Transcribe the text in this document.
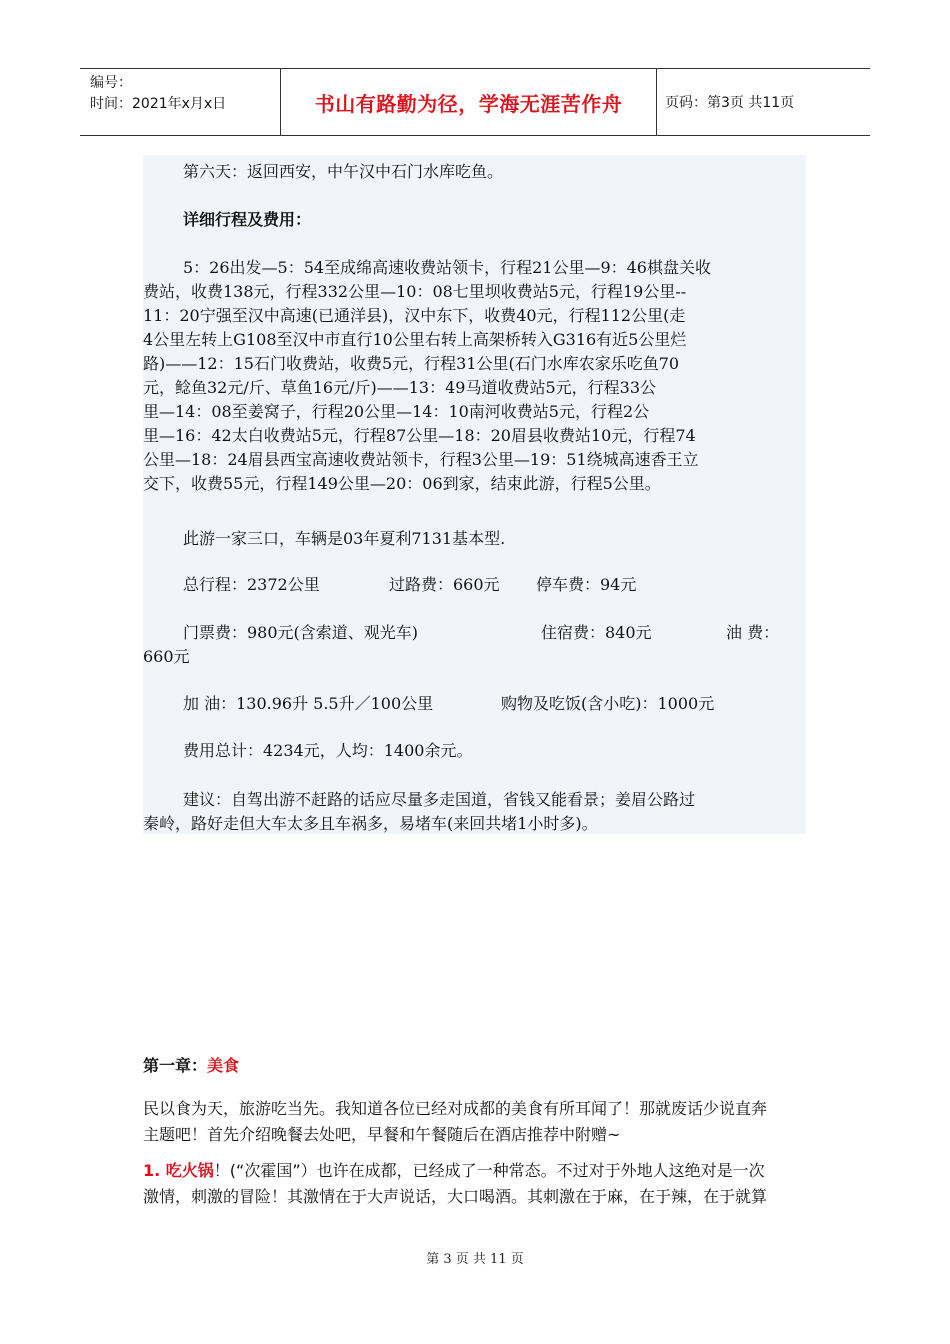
编号：
时间：2021年x月x日	书山有路勤为径，学海无涯苦作舟	页码：第3页 共11页

第六天：返回西安，中午汉中石门水库吃鱼。

详细行程及费用：

5：26出发—5：54至成绵高速收费站领卡，行程21公里—9：46棋盘关收
费站，收费138元，行程332公里—10：08七里坝收费站5元，行程19公里--
11：20宁强至汉中高速(已通洋县)，汉中东下，收费40元，行程112公里(走
4公里左转上G108至汉中市直行10公里右转上高架桥转入G316有近5公里烂
路)——12：15石门收费站，收费5元，行程31公里(石门水库农家乐吃鱼70
元，鲶鱼32元/斤、草鱼16元/斤)——13：49马道收费站5元，行程33公
里—14：08至姜窝子，行程20公里—14：10南河收费站5元，行程2公
里—16：42太白收费站5元，行程87公里—18：20眉县收费站10元，行程74
公里—18：24眉县西宝高速收费站领卡，行程3公里—19：51绕城高速香王立
交下，收费55元，行程149公里—20：06到家，结束此游，行程5公里。

此游一家三口，车辆是03年夏利7131基本型.

总行程：2372公里	过路费：660元 停车费：94元
门票费：980元(含索道、观光车)	住宿费：840元	油 费：
660元
加 油：130.96升 5.5升／100公里	购物及吃饭(含小吃)：1000元

费用总计：4234元，人均：1400余元。

建议：自驾出游不赶路的话应尽量多走国道，省钱又能看景；姜眉公路过
秦岭，路好走但大车太多且车祸多，易堵车(来回共堵1小时多)。
第一章：美食
民以食为天，旅游吃当先。我知道各位已经对成都的美食有所耳闻了！那就废话少说直奔
主题吧！首先介绍晚餐去处吧，早餐和午餐随后在酒店推荐中附赠~
1. 吃火锅！(“次霍国”）也许在成都，已经成了一种常态。不过对于外地人这绝对是一次
激情，刺激的冒险！其激情在于大声说话，大口喝酒。其刺激在于麻，在于辣，在于就算
第 3 页 共 11 页
